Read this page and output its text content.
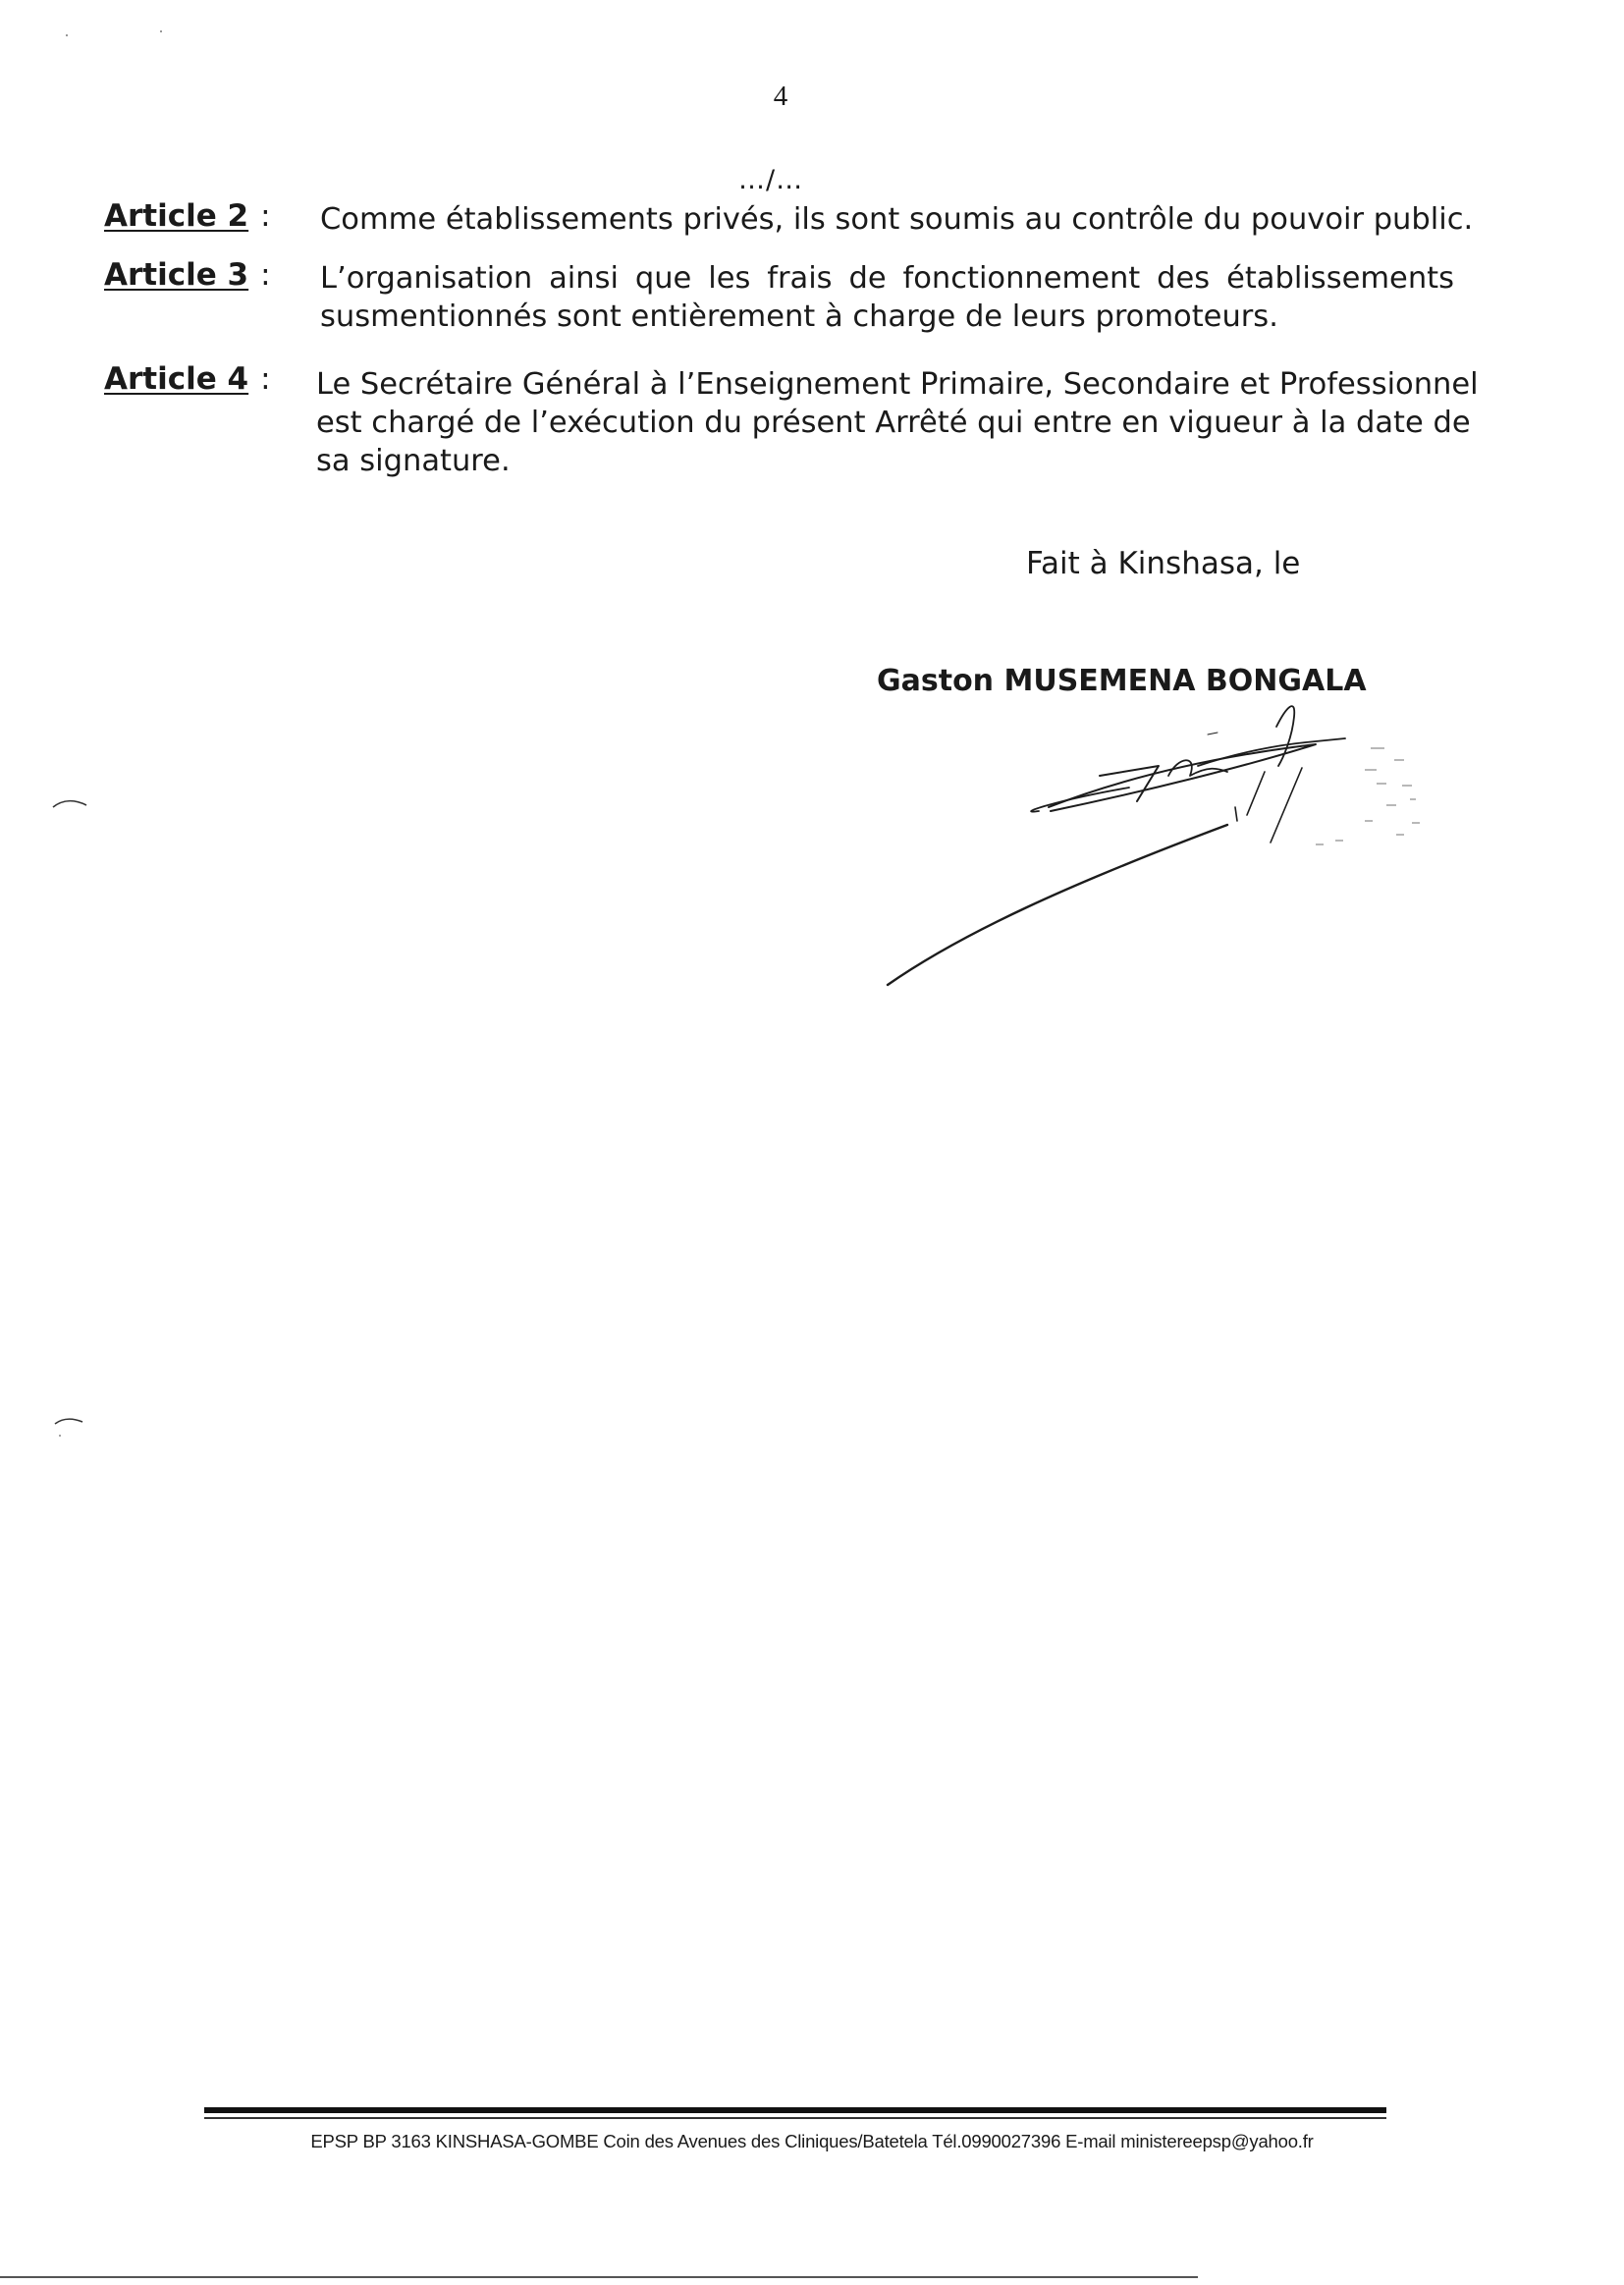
4
…/…
Article 2 : Comme établissements privés, ils sont soumis au contrôle du pouvoir public.
Article 3 : L’organisation ainsi que les frais de fonctionnement des établissements
susmentionnés sont entièrement à charge de leurs promoteurs.
Article 4 : Le Secrétaire Général à l’Enseignement Primaire, Secondaire et Professionnel
est chargé de l’exécution du présent Arrêté qui entre en vigueur à la date de
sa signature.
Fait à Kinshasa, le
Gaston MUSEMENA BONGALA
EPSP BP 3163 KINSHASA-GOMBE Coin des Avenues des Cliniques/Batetela Tél.0990027396 E-mail ministereepsp@yahoo.fr
